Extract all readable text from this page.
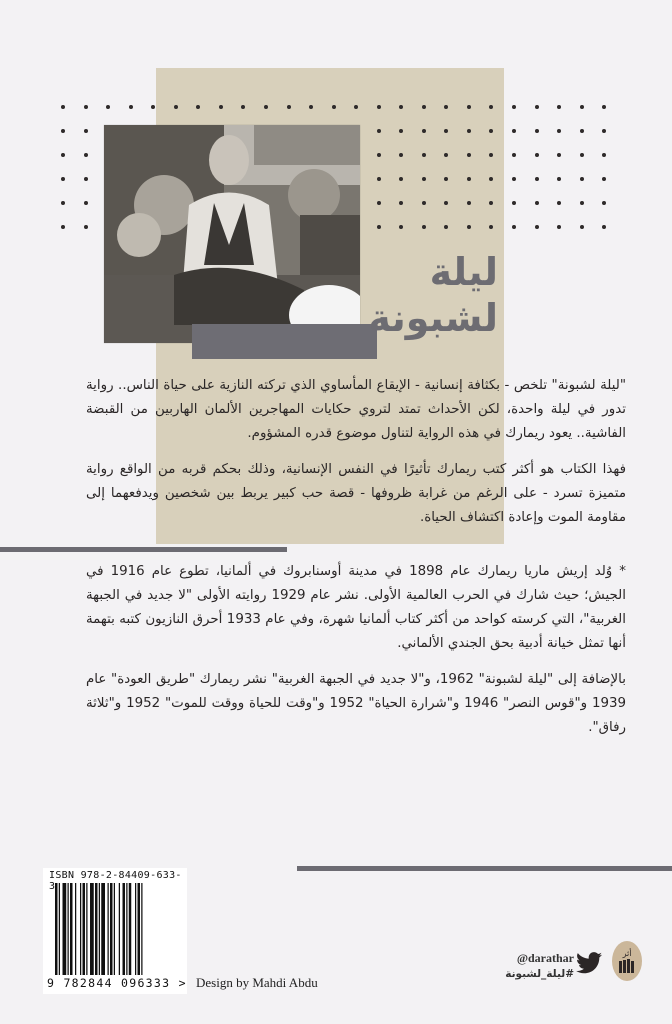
ليلة لشبونة

"ليلة لشبونة" تلخص - بكثافة إنسانية - الإيقاع المأساوي الذي تركته النازية على حياة الناس.. رواية تدور في ليلة واحدة، لكن الأحداث تمتد لتروي حكايات المهاجرين الألمان الهاربين من القبضة الفاشية.. يعود ريمارك في هذه الرواية لتناول موضوع قدره المشؤوم.

فهذا الكتاب هو أكثر كتب ريمارك تأثيرًا في النفس الإنسانية، وذلك بحكم قربه من الواقع رواية متميزة تسرد - على الرغم من غرابة ظروفها - قصة حب كبير يربط بين شخصين ويدفعهما إلى مقاومة الموت وإعادة اكتشاف الحياة.

* وُلد إريش ماريا ريمارك عام 1898 في مدينة أوسنابروك في ألمانيا، تطوع عام 1916 في الجيش؛ حيث شارك في الحرب العالمية الأولى. نشر عام 1929 روايته الأولى "لا جديد في الجبهة الغربية"، التي كرسته كواحد من أكثر كتاب ألمانيا شهرة، وفي عام 1933 أحرق النازيون كتبه بتهمة أنها تمثل خيانة أدبية بحق الجندي الألماني.

بالإضافة إلى "ليلة لشبونة" 1962، و"لا جديد في الجبهة الغربية" نشر ريمارك "طريق العودة" عام 1939 و"قوس النصر" 1946 و"شرارة الحياة" 1952 و"وقت للحياة ووقت للموت" 1952 و"ثلاثة رفاق".

ISBN 978-2-84409-633-3
9 782844 096333 > Design by Mahdi Abdu
@darathar
#ليلة_لشبونة
أثر
